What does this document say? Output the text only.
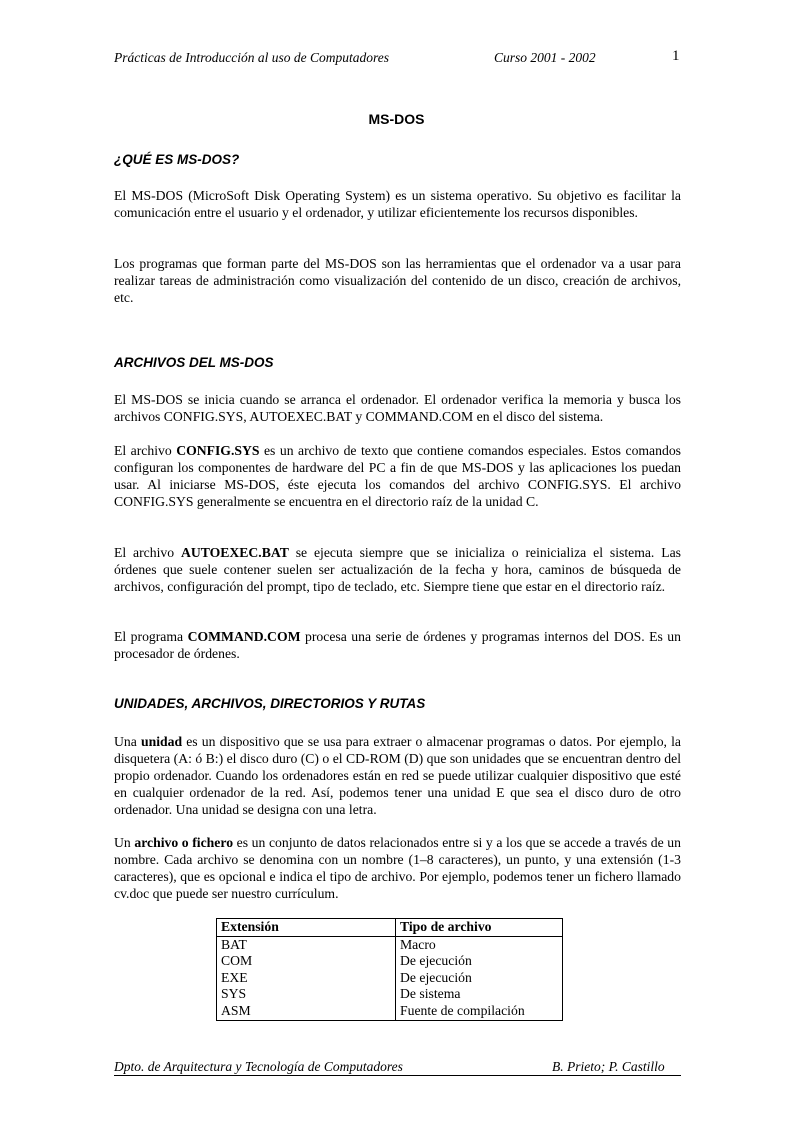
Prácticas de Introducción al uso de Computadores	Curso 2001 - 2002	1
MS-DOS
¿QUÉ ES MS-DOS?

El MS-DOS (MicroSoft Disk Operating System) es un sistema operativo. Su objetivo es facilitar la comunicación entre el usuario y el ordenador, y utilizar eficientemente los recursos disponibles.

Los programas que forman parte del MS-DOS son las herramientas que el ordenador va a usar para realizar tareas de administración como visualización del contenido de un disco, creación de archivos, etc.

ARCHIVOS DEL MS-DOS

El MS-DOS se inicia cuando se arranca el ordenador. El ordenador verifica la memoria y busca los archivos CONFIG.SYS, AUTOEXEC.BAT y COMMAND.COM en el disco del sistema.

El archivo CONFIG.SYS es un archivo de texto que contiene comandos especiales. Estos comandos configuran los componentes de hardware del PC a fin de que MS-DOS y las aplicaciones los puedan usar. Al iniciarse MS-DOS, éste ejecuta los comandos del archivo CONFIG.SYS. El archivo CONFIG.SYS generalmente se encuentra en el directorio raíz de la unidad C.

El archivo AUTOEXEC.BAT se ejecuta siempre que se inicializa o reinicializa el sistema. Las órdenes que suele contener suelen ser actualización de la fecha y hora, caminos de búsqueda de archivos, configuración del prompt, tipo de teclado, etc. Siempre tiene que estar en el directorio raíz.

El programa COMMAND.COM procesa una serie de órdenes y programas internos del DOS. Es un procesador de órdenes.

UNIDADES, ARCHIVOS, DIRECTORIOS Y RUTAS

Una unidad es un dispositivo que se usa para extraer o almacenar programas o datos. Por ejemplo, la disquetera (A: ó B:) el disco duro (C) o el CD-ROM (D) que son unidades que se encuentran dentro del propio ordenador. Cuando los ordenadores están en red se puede utilizar cualquier dispositivo que esté en cualquier ordenador de la red. Así, podemos tener una unidad E que sea el disco duro de otro ordenador. Una unidad se designa con una letra.

Un archivo o fichero es un conjunto de datos relacionados entre si y a los que se accede a través de un nombre. Cada archivo se denomina con un nombre (1–8 caracteres), un punto, y una extensión (1-3 caracteres), que es opcional e indica el tipo de archivo. Por ejemplo, podemos tener un fichero llamado cv.doc que puede ser nuestro currículum.

Extensión	Tipo de archivo
BAT	Macro
COM	De ejecución
EXE	De ejecución
SYS	De sistema
ASM	Fuente de compilación
Dpto. de Arquitectura y Tecnología de Computadores	B. Prieto; P. Castillo
